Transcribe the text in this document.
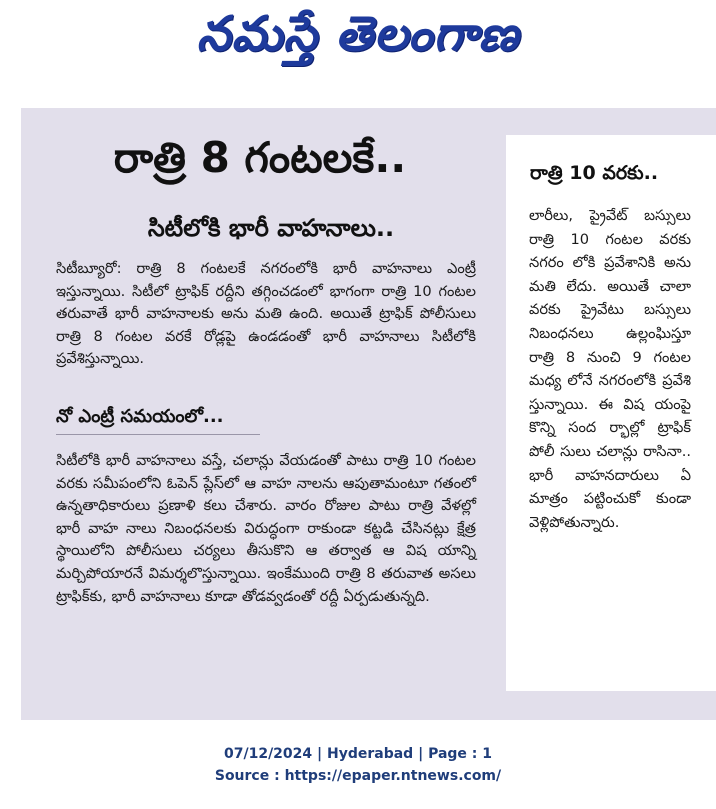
నమస్తే తెలంగాణ
రాత్రి 8 గంటలకే..
సిటీలోకి భారీ వాహనాలు..

సిటీబ్యూరో: రాత్రి 8 గంటలకే నగరంలోకి భారీ వాహనాలు ఎంట్రీ ఇస్తున్నాయి. సిటీలో ట్రాఫిక్ రద్దీని తగ్గించడంలో భాగంగా రాత్రి 10 గంటల తరువాతే భారీ వాహనాలకు అను మతి ఉంది. అయితే ట్రాఫిక్ పోలీసులు రాత్రి 8 గంటల వరకే రోడ్లపై ఉండడంతో భారీ వాహనాలు సిటీలోకి ప్రవేశిస్తున్నాయి.

నో ఎంట్రీ సమయంలో...

సిటీలోకి భారీ వాహనాలు వస్తే, చలాన్లు వేయడంతో పాటు రాత్రి 10 గంటల వరకు సమీపంలోని ఓపెన్ ప్లేస్‌లో ఆ వాహ నాలను ఆపుతామంటూ గతంలో ఉన్నతాధికారులు ప్రణాళి కలు చేశారు. వారం రోజుల పాటు రాత్రి వేళల్లో భారీ వాహ నాలు నిబంధనలకు విరుద్ధంగా రాకుండా కట్టడి చేసినట్లు క్షేత్ర స్థాయిలోని పోలీసులు చర్యలు తీసుకొని ఆ తర్వాత ఆ విష యాన్ని మర్చిపోయారనే విమర్శలొస్తున్నాయి. ఇంకేముంది రాత్రి 8 తరువాత అసలు ట్రాఫిక్‌కు, భారీ వాహనాలు కూడా తోడవ్వడంతో రద్దీ ఏర్పడుతున్నది.

రాత్రి 10 వరకు..

లారీలు, ప్రైవేట్ బస్సులు రాత్రి 10 గంటల వరకు నగరం లోకి ప్రవేశానికి అను మతి లేదు. అయితే చాలా వరకు ప్రైవేటు బస్సులు నిబంధనలు ఉల్లంఘిస్తూ రాత్రి 8 నుంచి 9 గంటల మధ్య లోనే నగరంలోకి ప్రవేశి స్తున్నాయి. ఈ విష యంపై కొన్ని సంద ర్భాల్లో ట్రాఫిక్ పోలీ సులు చలాన్లు రాసినా.. భారీ వాహనదారులు ఏ మాత్రం పట్టించుకో కుండా వెళ్లిపోతున్నారు.

07/12/2024 | Hyderabad | Page : 1
Source : https://epaper.ntnews.com/
